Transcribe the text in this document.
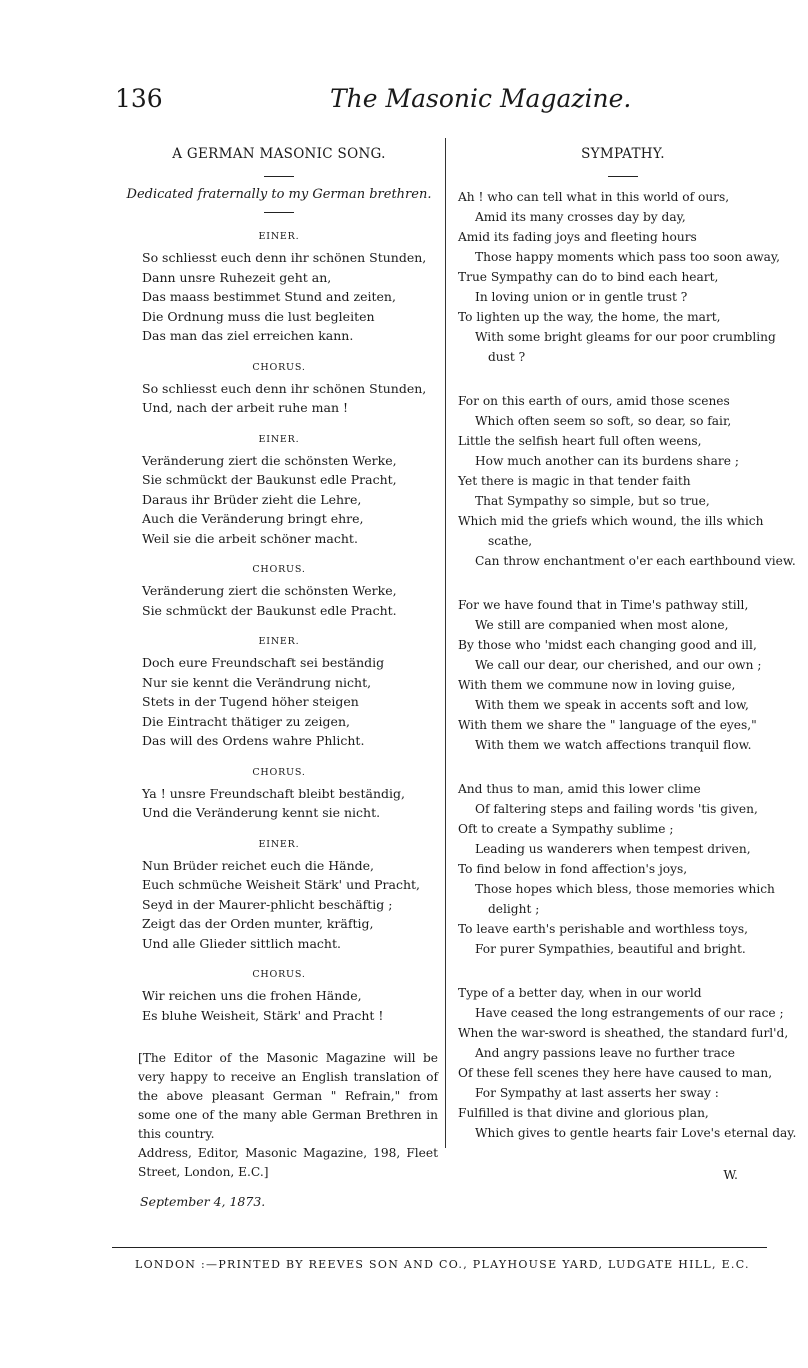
136	The Masonic Magazine.
A GERMAN MASONIC SONG.
Dedicated fraternally to my German brethren.
EINER.
So schliesst euch denn ihr schönen Stunden,
Dann unsre Ruhezeit geht an,
Das maass bestimmet Stund and zeiten,
Die Ordnung muss die lust begleiten
Das man das ziel erreichen kann.
CHORUS.
So schliesst euch denn ihr schönen Stunden,
Und, nach der arbeit ruhe man !
EINER.
Veränderung ziert die schönsten Werke,
Sie schmückt der Baukunst edle Pracht,
Daraus ihr Brüder zieht die Lehre,
Auch die Veränderung bringt ehre,
Weil sie die arbeit schöner macht.
CHORUS.
Veränderung ziert die schönsten Werke,
Sie schmückt der Baukunst edle Pracht.
EINER.
Doch eure Freundschaft sei beständig
Nur sie kennt die Verändrung nicht,
Stets in der Tugend höher steigen
Die Eintracht thätiger zu zeigen,
Das will des Ordens wahre Phlicht.
CHORUS.
Ya ! unsre Freundschaft bleibt beständig,
Und die Veränderung kennt sie nicht.
EINER.
Nun Brüder reichet euch die Hände,
Euch schmüche Weisheit Stärk' und Pracht,
Seyd in der Maurer-phlicht beschäftig ;
Zeigt das der Orden munter, kräftig,
Und alle Glieder sittlich macht.
CHORUS.
Wir reichen uns die frohen Hände,
Es bluhe Weisheit, Stärk' and Pracht !
[The Editor of the Masonic Magazine will be very happy to receive an English translation of the above pleasant German " Refrain," from some one of the many able German Brethren in this country.
Address, Editor, Masonic Magazine, 198, Fleet Street, London, E.C.]
September 4, 1873.
SYMPATHY.
Ah ! who can tell what in this world of ours,
Amid its many crosses day by day,
Amid its fading joys and fleeting hours
Those happy moments which pass too soon away,
True Sympathy can do to bind each heart,
In loving union or in gentle trust ?
To lighten up the way, the home, the mart,
With some bright gleams for our poor crumbling
dust ?
For on this earth of ours, amid those scenes
Which often seem so soft, so dear, so fair,
Little the selfish heart full often weens,
How much another can its burdens share ;
Yet there is magic in that tender faith
That Sympathy so simple, but so true,
Which mid the griefs which wound, the ills which
scathe,
Can throw enchantment o'er each earthbound view.
For we have found that in Time's pathway still,
We still are companied when most alone,
By those who 'midst each changing good and ill,
We call our dear, our cherished, and our own ;
With them we commune now in loving guise,
With them we speak in accents soft and low,
With them we share the " language of the eyes,"
With them we watch affections tranquil flow.
And thus to man, amid this lower clime
Of faltering steps and failing words 'tis given,
Oft to create a Sympathy sublime ;
Leading us wanderers when tempest driven,
To find below in fond affection's joys,
Those hopes which bless, those memories which
delight ;
To leave earth's perishable and worthless toys,
For purer Sympathies, beautiful and bright.
Type of a better day, when in our world
Have ceased the long estrangements of our race ;
When the war-sword is sheathed, the standard furl'd,
And angry passions leave no further trace
Of these fell scenes they here have caused to man,
For Sympathy at last asserts her sway :
Fulfilled is that divine and glorious plan,
Which gives to gentle hearts fair Love's eternal day.
W.
LONDON :—PRINTED BY REEVES SON AND CO., PLAYHOUSE YARD, LUDGATE HILL, E.C.
